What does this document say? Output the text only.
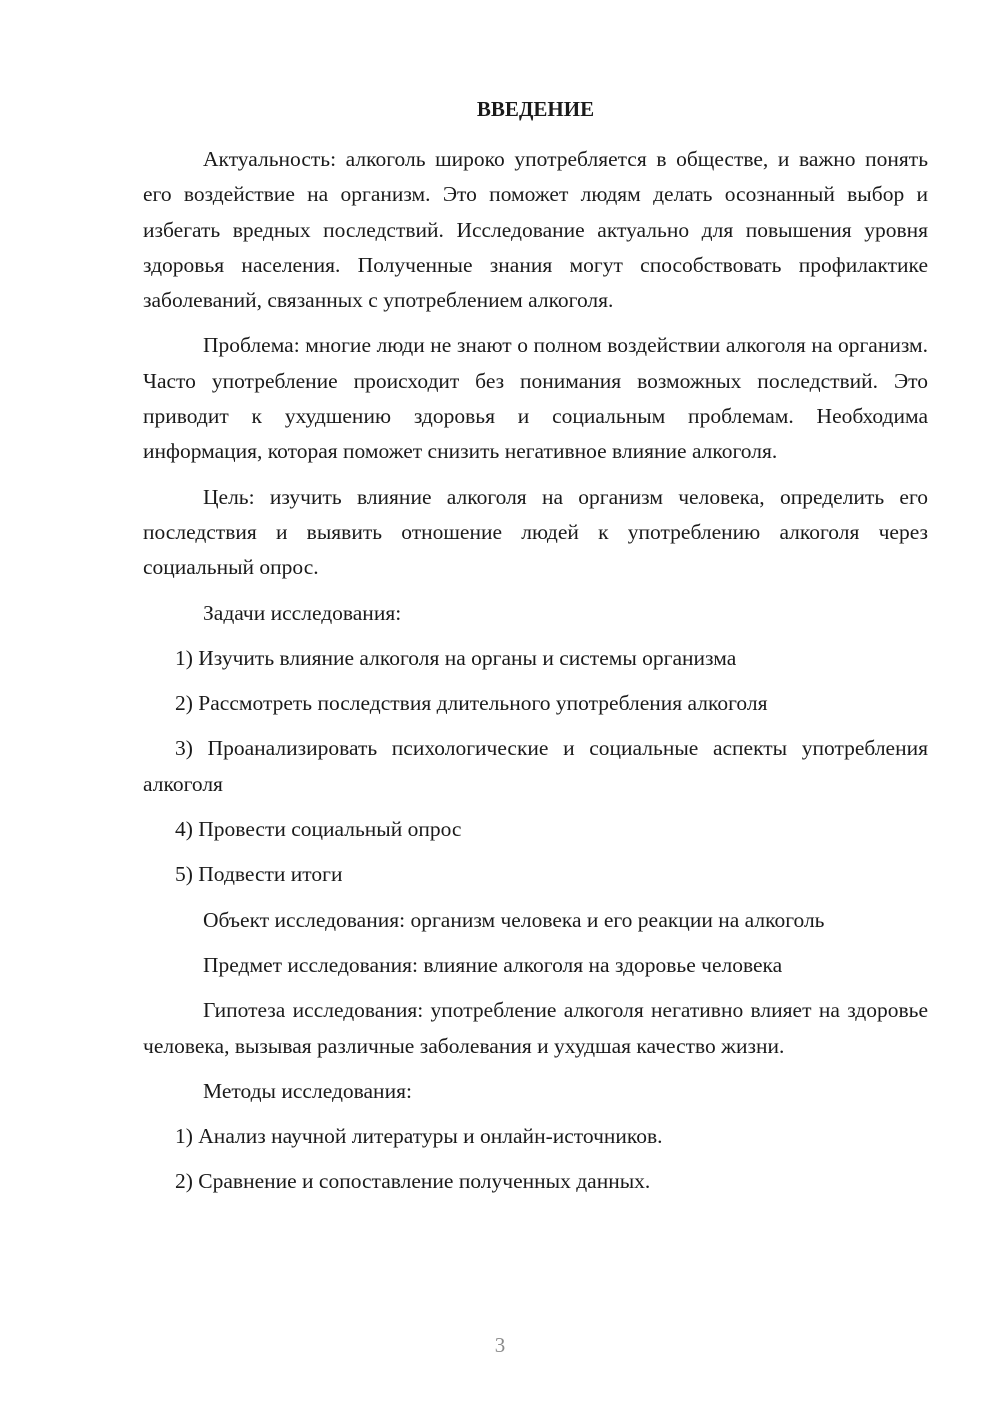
ВВЕДЕНИЕ

Актуальность: алкоголь широко употребляется в обществе, и важно понять его воздействие на организм. Это поможет людям делать осознанный выбор и избегать вредных последствий. Исследование актуально для повышения уровня здоровья населения. Полученные знания могут способствовать профилактике заболеваний, связанных с употреблением алкоголя.

Проблема: многие люди не знают о полном воздействии алкоголя на организм. Часто употребление происходит без понимания возможных последствий. Это приводит к ухудшению здоровья и социальным проблемам. Необходима информация, которая поможет снизить негативное влияние алкоголя.

Цель: изучить влияние алкоголя на организм человека, определить его последствия и выявить отношение людей к употреблению алкоголя через социальный опрос.

Задачи исследования:

1) Изучить влияние алкоголя на органы и системы организма

2) Рассмотреть последствия длительного употребления алкоголя

3) Проанализировать психологические и социальные аспекты употребления алкоголя

4) Провести социальный опрос

5) Подвести итоги

Объект исследования: организм человека и его реакции на алкоголь

Предмет исследования: влияние алкоголя на здоровье человека

Гипотеза исследования: употребление алкоголя негативно влияет на здоровье человека, вызывая различные заболевания и ухудшая качество жизни.

Методы исследования:

1) Анализ научной литературы и онлайн-источников.

2) Сравнение и сопоставление полученных данных.

3
